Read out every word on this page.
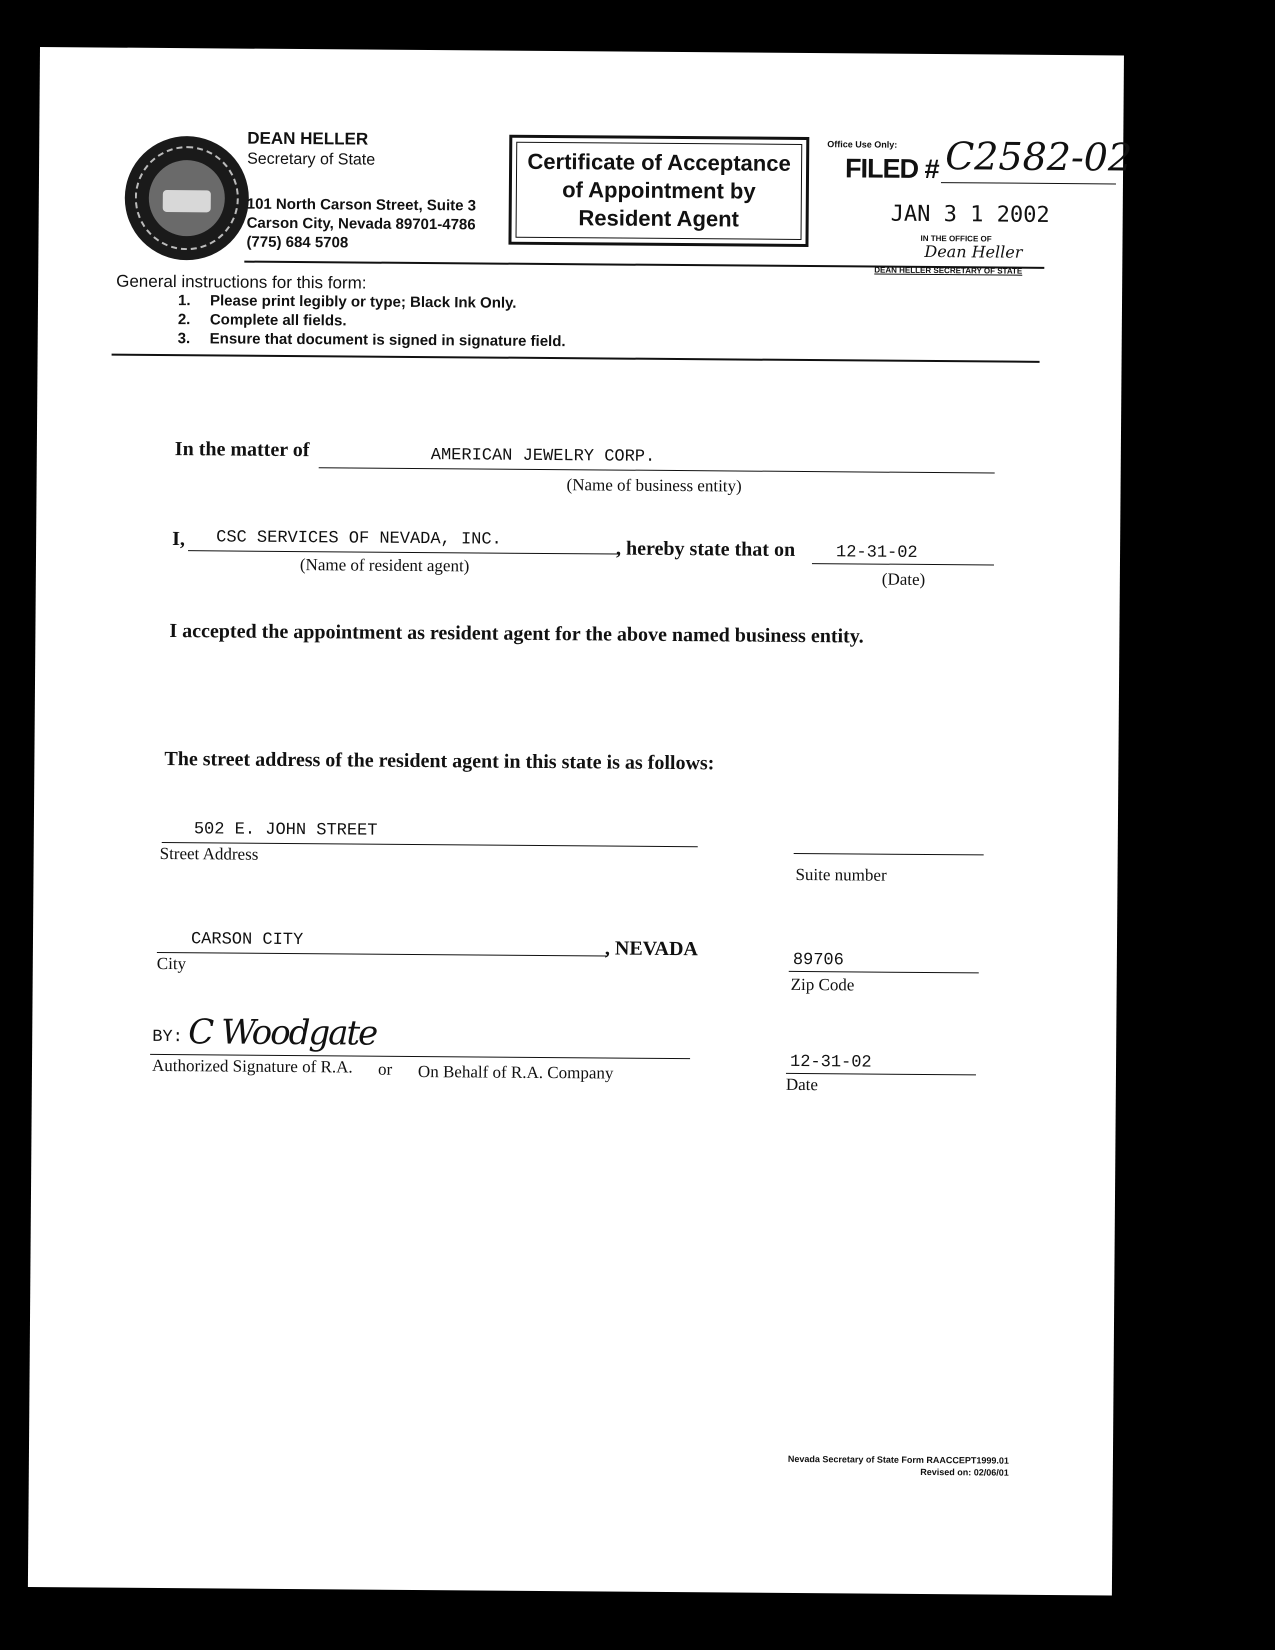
DEAN HELLER
Secretary of State
101 North Carson Street, Suite 3
Carson City, Nevada 89701-4786
(775) 684 5708
Certificate of Acceptance
of Appointment by
Resident Agent
Office Use Only:
FILED # C2582-02
JAN 3 1 2002
IN THE OFFICE OF
Dean Heller
DEAN HELLER SECRETARY OF STATE
General instructions for this form:
1. Please print legibly or type; Black Ink Only.
2. Complete all fields.
3. Ensure that document is signed in signature field.
In the matter of	AMERICAN JEWELRY CORP.
(Name of business entity)
I, CSC SERVICES OF NEVADA, INC.
(Name of resident agent)
, hereby state that on 12-31-02
(Date)
I accepted the appointment as resident agent for the above named business entity.
The street address of the resident agent in this state is as follows:
502 E. JOHN STREET
Street Address
Suite number
CARSON CITY
City
, NEVADA
89706
Zip Code
BY: C Woodgate
Authorized Signature of R.A. or On Behalf of R.A. Company	12-31-02
Date
Nevada Secretary of State Form RAACCEPT1999.01
Revised on: 02/06/01
